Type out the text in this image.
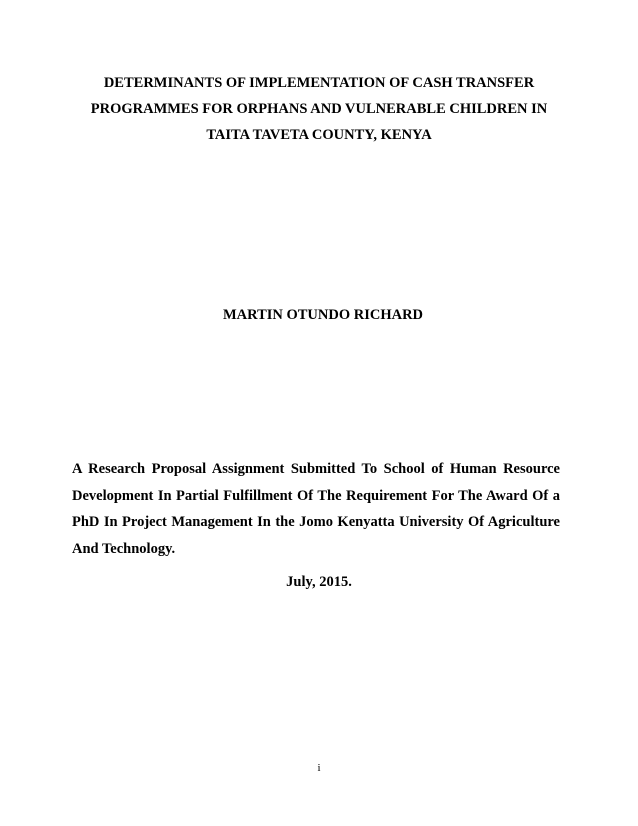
DETERMINANTS OF IMPLEMENTATION OF CASH TRANSFER
PROGRAMMES FOR ORPHANS AND VULNERABLE CHILDREN IN
TAITA TAVETA COUNTY, KENYA
MARTIN OTUNDO RICHARD
A Research Proposal Assignment Submitted To School of Human Resource
Development In Partial Fulfillment Of The Requirement For The Award Of a
PhD In Project Management In the Jomo Kenyatta University Of Agriculture
And Technology.
July, 2015.
i
